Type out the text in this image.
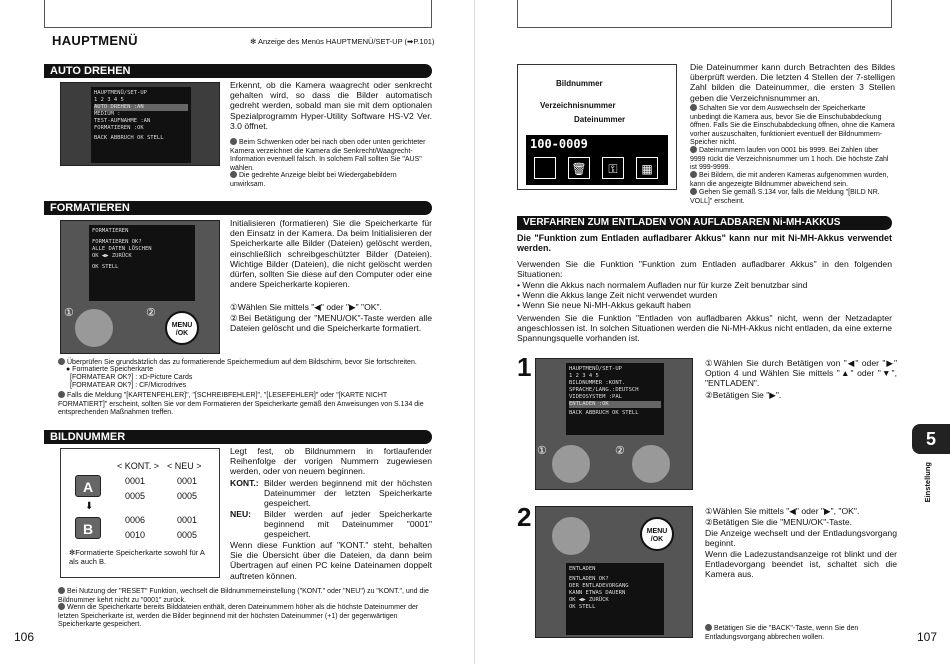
HAUPTMENÜ	✻ Anzeige des Menüs HAUPTMENÜ/SET-UP (➡P.101)
AUTO DREHEN
HAUPTMENÜ/SET-UP
1 2 3 4 5
AUTO DREHEN :AN
MEDIUM :
TEST-AUFNAHME :AN
FORMATIEREN :OK
BACK ABBRUCH OK STELL
Erkennt, ob die Kamera waagrecht oder senkrecht gehalten wird, so dass die Bilder automatisch gedreht werden, sobald man sie mit dem optionalen Spezialprogramm Hyper-Utility Software HS-V2 Ver. 3.0 öffnet.
Beim Schwenken oder bei nach oben oder unten gerichteter Kamera verzeichnet die Kamera die Senkrecht/Waagrecht-Information eventuell falsch. In solchem Fall sollten Sie "AUS" wählen.
Die gedrehte Anzeige bleibt bei Wiedergabebildern unwirksam.
FORMATIEREN
FORMATIEREN
FORMATIEREN OK?
ALLE DATEN LÖSCHEN
OK ◀▶ ZURÜCK
OK STELL
MENU /OK
①	②
Initialisieren (formatieren) Sie die Speicherkarte für den Einsatz in der Kamera. Da beim Initialisieren der Speicherkarte alle Bilder (Dateien) gelöscht werden, einschließlich schreibgeschützter Bilder (Dateien). Wichtige Bilder (Dateien), die nicht gelöscht werden dürfen, sollten Sie diese auf den Computer oder eine andere Speicherkarte kopieren.
①Wählen Sie mittels "◀" oder "▶" "OK".
②Bei Betätigung der "MENU/OK"-Taste werden alle Dateien gelöscht und die Speicherkarte formatiert.
Überprüfen Sie grundsätzlich das zu formatierende Speichermedium auf dem Bildschirm, bevor Sie fortschreiten.
● Formatierte Speicherkarte
[FORMATEAR OK?] : xD-Picture Cards
[FORMATEAR OK?] : CF/Microdrives
Falls die Meldung "[KARTENFEHLER]", "[SCHREIBFEHLER]", "[LESEFEHLER]" oder "[KARTE NICHT FORMATIERT]" erscheint, sollten Sie vor dem Formatieren der Speicherkarte gemäß den Anweisungen von S.134 die entsprechenden Maßnahmen treffen.
BILDNUMMER
< KONT. > < NEU >
A
⬇
B
0001	0001
0005	0005
0006	0001
0010	0005
✻Formatierte Speicherkarte sowohl für A als auch B.
Legt fest, ob Bildnummern in fortlaufender Reihenfolge der vorigen Nummern zugewiesen werden, oder von neuem beginnen.
KONT.: Bilder werden beginnend mit der höchsten Dateinummer der letzten Speicherkarte gespeichert.
NEU:	Bilder werden auf jeder Speicherkarte beginnend mit Dateinummer "0001" gespeichert.
Wenn diese Funktion auf "KONT." steht, behalten Sie die Übersicht über die Dateien, da dann beim Übertragen auf einen PC keine Dateinamen doppelt auftreten können.
Bei Nutzung der "RESET" Funktion, wechselt die Bildnummerneinstellung ("KONT." oder "NEU") zu "KONT.", und die Bildnummer kehrt nicht zu "0001" zurück.
Wenn die Speicherkarte bereits Bilddateien enthält, deren Dateinummern höher als die höchste Dateinummer der letzten Speicherkarte ist, werden die Bilder beginnend mit der höchsten Dateinummer (+1) der gegenwärtigen Speicherkarte gespeichert.
106
Bildnummer
Verzeichnisnummer
Dateinummer
100-0009
🗑	⚿	▦
Die Dateinummer kann durch Betrachten des Bildes überprüft werden. Die letzten 4 Stellen der 7-stelligen Zahl bilden die Dateinummer, die ersten 3 Stellen geben die Verzeichnisnummer an.
Schalten Sie vor dem Auswechseln der Speicherkarte unbedingt die Kamera aus, bevor Sie die Einschubabdeckung öffnen. Falls Sie die Einschubabdeckung öffnen, ohne die Kamera vorher auszuschalten, funktioniert eventuell der Bildnummern-Speicher nicht.
Dateinummern laufen von 0001 bis 9999. Bei Zahlen über 9999 rückt die Verzeichnisnummer um 1 hoch. Die höchste Zahl ist 999-9999.
Bei Bildern, die mit anderen Kameras aufgenommen wurden, kann die angezeigte Bildnummer abweichend sein.
Gehen Sie gemäß S.134 vor, falls die Meldung "[BILD NR. VOLL]" erscheint.
VERFAHREN ZUM ENTLADEN VON AUFLADBAREN Ni-MH-AKKUS
Die "Funktion zum Entladen aufladbarer Akkus" kann nur mit Ni-MH-Akkus verwendet werden.
Verwenden Sie die Funktion "Funktion zum Entladen aufladbarer Akkus" in den folgenden Situationen:
• Wenn die Akkus nach normalem Aufladen nur für kurze Zeit benutzbar sind
• Wenn die Akkus lange Zeit nicht verwendet wurden
• Wenn Sie neue Ni-MH-Akkus gekauft haben
Verwenden Sie die Funktion "Entladen von aufladbaren Akkus" nicht, wenn der Netzadapter angeschlossen ist. In solchen Situationen werden die Ni-MH-Akkus nicht entladen, da eine externe Spannungsquelle vorhanden ist.
1	HAUPTMENÜ/SET-UP
1 2 3 4 5
BILDNUMMER :KONT.
SPRACHE/LANG.:DEUTSCH
VIDEOSYSTEM :PAL
ENTLADEN :OK
BACK ABBRUCH OK STELL
①	②
①Wählen Sie durch Betätigen von "◀" oder "▶" Option 4 und Wählen Sie mittels "▲" oder "▼", "ENTLADEN".
②Betätigen Sie "▶".
2	MENU /OK
ENTLADEN
ENTLADEN OK?
DER ENTLADEVORGANG
KANN ETWAS DAUERN
OK ◀▶ ZURÜCK
OK STELL
①Wählen Sie mittels "◀" oder "▶", "OK".
②Betätigen Sie die "MENU/OK"-Taste.
Die Anzeige wechselt und der Entladungsvorgang beginnt.
Wenn die Ladezustandsanzeige rot blinkt und der Entladevorgang beendet ist, schaltet sich die Kamera aus.
Betätigen Sie die "BACK"-Taste, wenn Sie den Entladungsvorgang abbrechen wollen.
5
Einstellung
107
